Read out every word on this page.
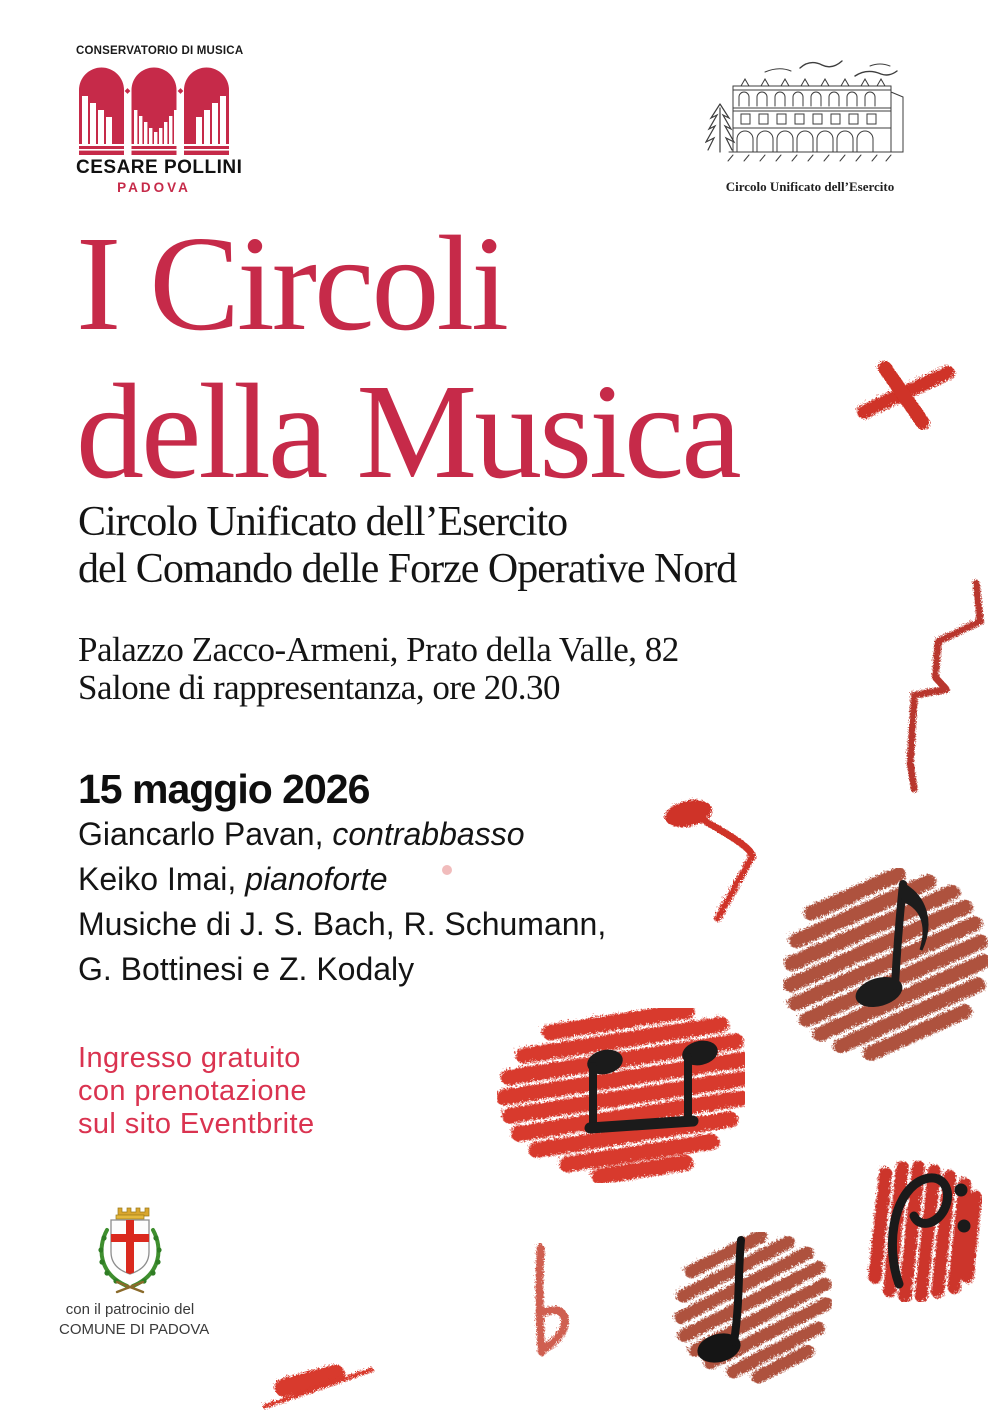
CONSERVATORIO DI MUSICA
CESARE POLLINI
PADOVA	Circolo Unificato dell’Esercito
I Circoli
della Musica
Circolo Unificato dell’Esercito
del Comando delle Forze Operative Nord
Palazzo Zacco-Armeni, Prato della Valle, 82
Salone di rappresentanza, ore 20.30
15 maggio 2026
Giancarlo Pavan, contrabbasso
Keiko Imai, pianoforte
Musiche di J. S. Bach, R. Schumann,
G. Bottinesi e Z. Kodaly
Ingresso gratuito
con prenotazione
sul sito Eventbrite
con il patrocinio del
COMUNE DI PADOVA
